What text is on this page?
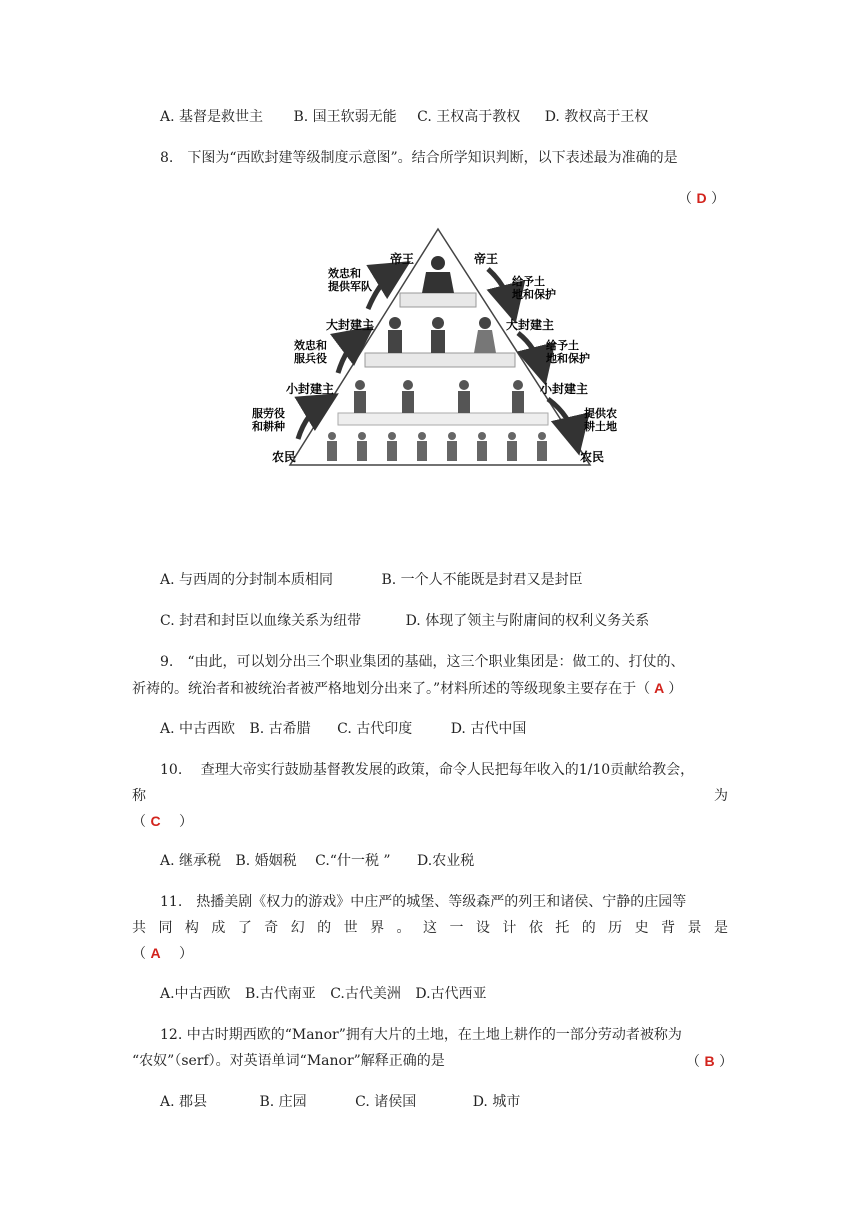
A. 基督是救世主 B. 国王软弱无能 C. 王权高于教权 D. 教权高于王权
8.　下图为“西欧封建等级制度示意图”。结合所学知识判断，以下表述最为准确的是
（ D ）
帝王
大封建主
小封建主
农民
帝王
大封建主
小封建主
农民
效忠和提供军队
效忠和服兵役
服劳役和耕种
给予土地和保护
给予土地和保护
提供农耕土地
A. 与西周的分封制本质相同	B. 一个人不能既是封君又是封臣
C. 封君和封臣以血缘关系为纽带	D. 体现了领主与附庸间的权利义务关系
9.　“由此，可以划分出三个职业集团的基础，这三个职业集团是：做工的、打仗的、
祈祷的。统治者和被统治者被严格地划分出来了。”材料所述的等级现象主要存在于（ A ）
A. 中古西欧 B. 古希腊 C. 古代印度	D. 古代中国
10.　 查理大帝实行鼓励基督教发展的政策，命令人民把每年收入的1/10贡献给教会，
称	为
（ C 　）
A. 继承税 B. 婚姻税 C.“什一税 ” D.农业税
11.　热播美剧《权力的游戏》中庄严的城堡、等级森严的列王和诸侯、宁静的庄园等
共同构成了奇幻的世界。这一设计依托的历史背景是
（ A 　）
A.中古西欧 B.古代南亚 C.古代美洲 D.古代西亚
12. 中古时期西欧的“Manor”拥有大片的土地，在土地上耕作的一部分劳动者被称为
“农奴”（serf）。对英语单词“Manor”解释正确的是	（ B ）
A. 郡县	B. 庄园	C. 诸侯国	D. 城市
